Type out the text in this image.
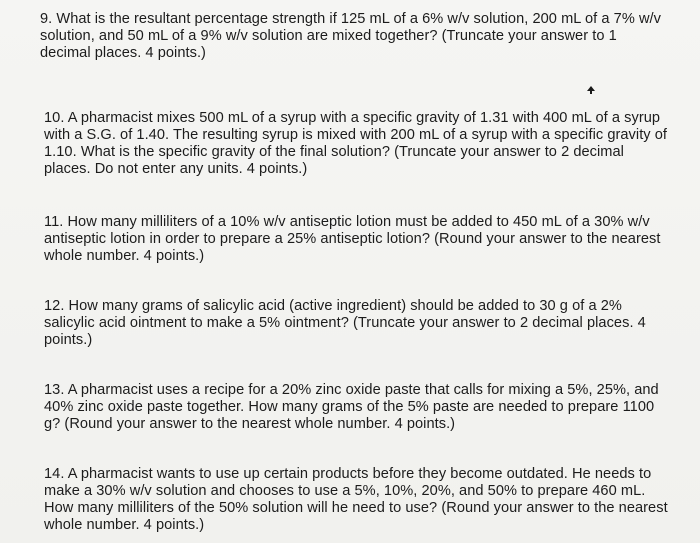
9. What is the resultant percentage strength if 125 mL of a 6% w/v solution, 200 mL of a 7% w/v
solution, and 50 mL of a 9% w/v solution are mixed together? (Truncate your answer to 1
decimal places. 4 points.)

10. A pharmacist mixes 500 mL of a syrup with a specific gravity of 1.31 with 400 mL of a syrup
with a S.G. of 1.40. The resulting syrup is mixed with 200 mL of a syrup with a specific gravity of
1.10. What is the specific gravity of the final solution? (Truncate your answer to 2 decimal
places. Do not enter any units. 4 points.)

11. How many milliliters of a 10% w/v antiseptic lotion must be added to 450 mL of a 30% w/v
antiseptic lotion in order to prepare a 25% antiseptic lotion? (Round your answer to the nearest
whole number. 4 points.)

12. How many grams of salicylic acid (active ingredient) should be added to 30 g of a 2%
salicylic acid ointment to make a 5% ointment? (Truncate your answer to 2 decimal places. 4
points.)

13. A pharmacist uses a recipe for a 20% zinc oxide paste that calls for mixing a 5%, 25%, and
40% zinc oxide paste together. How many grams of the 5% paste are needed to prepare 1100
g? (Round your answer to the nearest whole number. 4 points.)

14. A pharmacist wants to use up certain products before they become outdated. He needs to
make a 30% w/v solution and chooses to use a 5%, 10%, 20%, and 50% to prepare 460 mL.
How many milliliters of the 50% solution will he need to use? (Round your answer to the nearest
whole number. 4 points.)
